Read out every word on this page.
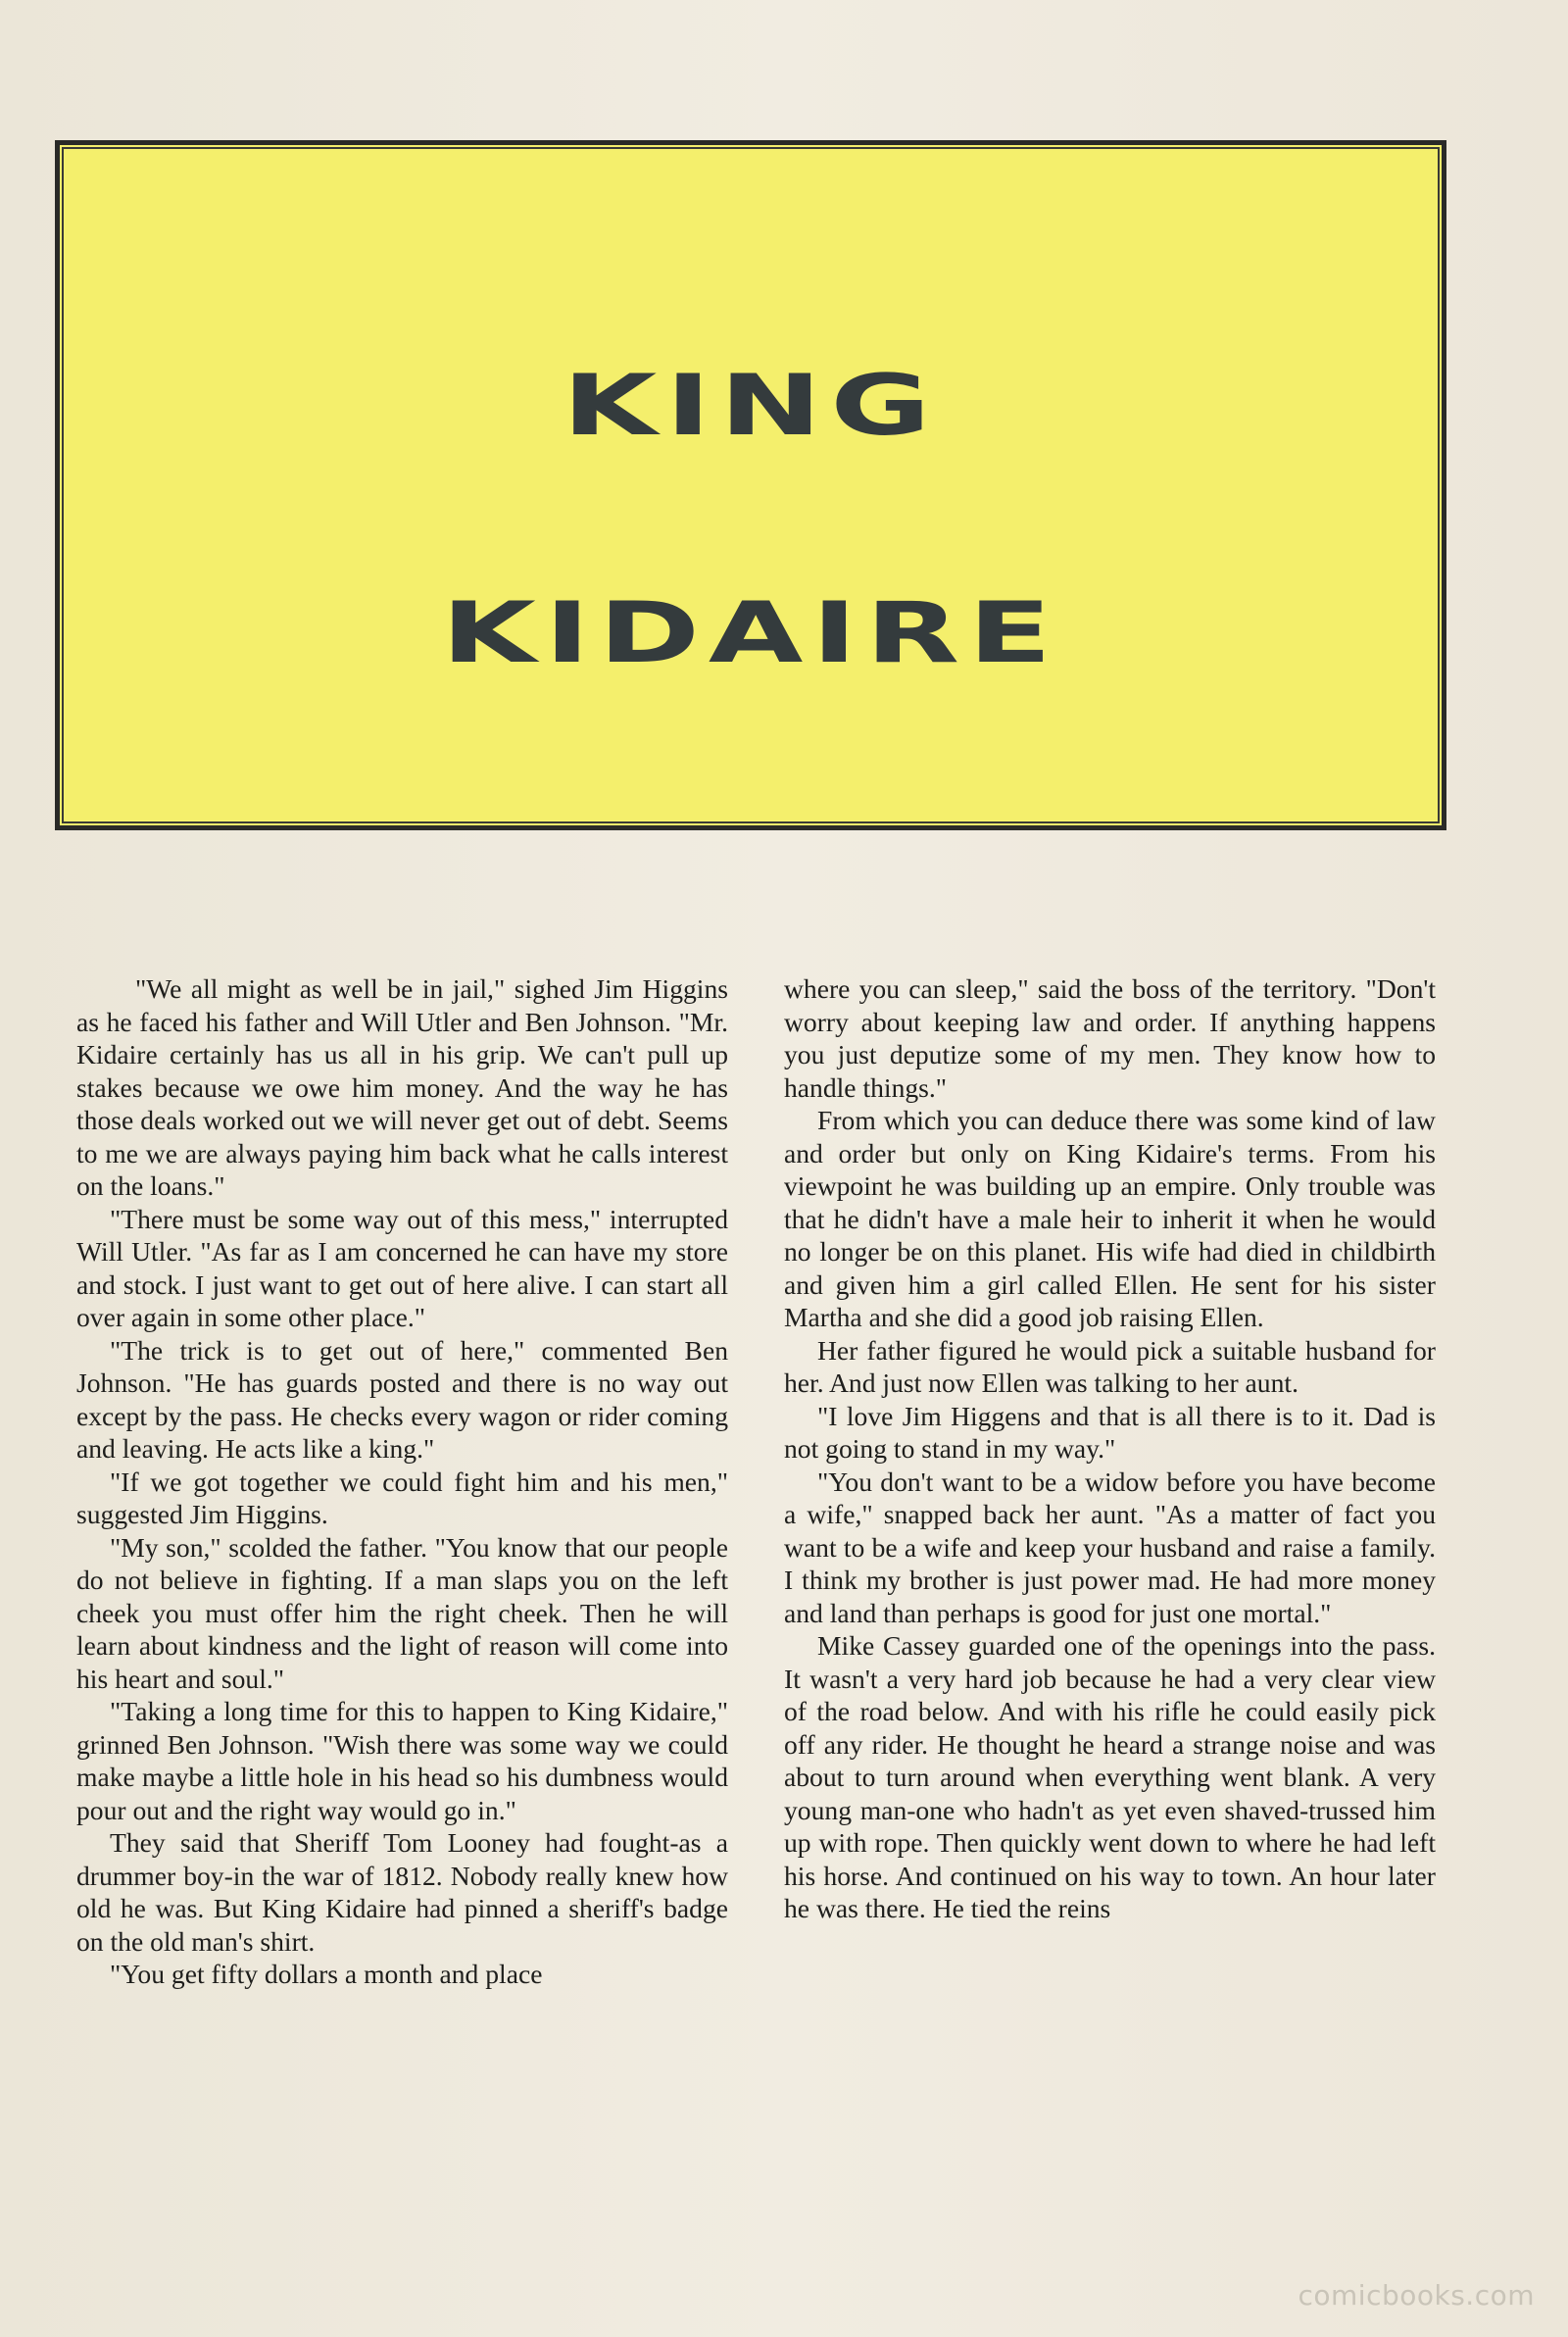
KING
KIDAIRE

"We all might as well be in jail," sighed Jim Higgins as he faced his father and Will Utler and Ben Johnson. "Mr. Kidaire certainly has us all in his grip. We can't pull up stakes because we owe him money. And the way he has those deals worked out we will never get out of debt. Seems to me we are always paying him back what he calls interest on the loans."

"There must be some way out of this mess," interrupted Will Utler. "As far as I am concerned he can have my store and stock. I just want to get out of here alive. I can start all over again in some other place."

"The trick is to get out of here," commented Ben Johnson. "He has guards posted and there is no way out except by the pass. He checks every wagon or rider coming and leaving. He acts like a king."

"If we got together we could fight him and his men," suggested Jim Higgins.

"My son," scolded the father. "You know that our people do not believe in fighting. If a man slaps you on the left cheek you must offer him the right cheek. Then he will learn about kindness and the light of reason will come into his heart and soul."

"Taking a long time for this to happen to King Kidaire," grinned Ben Johnson. "Wish there was some way we could make maybe a little hole in his head so his dumbness would pour out and the right way would go in."

They said that Sheriff Tom Looney had fought-as a drummer boy-in the war of 1812. Nobody really knew how old he was. But King Kidaire had pinned a sheriff's badge on the old man's shirt.

"You get fifty dollars a month and place

where you can sleep," said the boss of the territory. "Don't worry about keeping law and order. If anything happens you just deputize some of my men. They know how to handle things."

From which you can deduce there was some kind of law and order but only on King Kidaire's terms. From his viewpoint he was building up an empire. Only trouble was that he didn't have a male heir to inherit it when he would no longer be on this planet. His wife had died in childbirth and given him a girl called Ellen. He sent for his sister Martha and she did a good job raising Ellen.

Her father figured he would pick a suitable husband for her. And just now Ellen was talking to her aunt.

"I love Jim Higgens and that is all there is to it. Dad is not going to stand in my way."

"You don't want to be a widow before you have become a wife," snapped back her aunt. "As a matter of fact you want to be a wife and keep your husband and raise a family. I think my brother is just power mad. He had more money and land than perhaps is good for just one mortal."

Mike Cassey guarded one of the openings into the pass. It wasn't a very hard job because he had a very clear view of the road below. And with his rifle he could easily pick off any rider. He thought he heard a strange noise and was about to turn around when everything went blank. A very young man-one who hadn't as yet even shaved-trussed him up with rope. Then quickly went down to where he had left his horse. And continued on his way to town. An hour later he was there. He tied the reins

comicbooks.com
